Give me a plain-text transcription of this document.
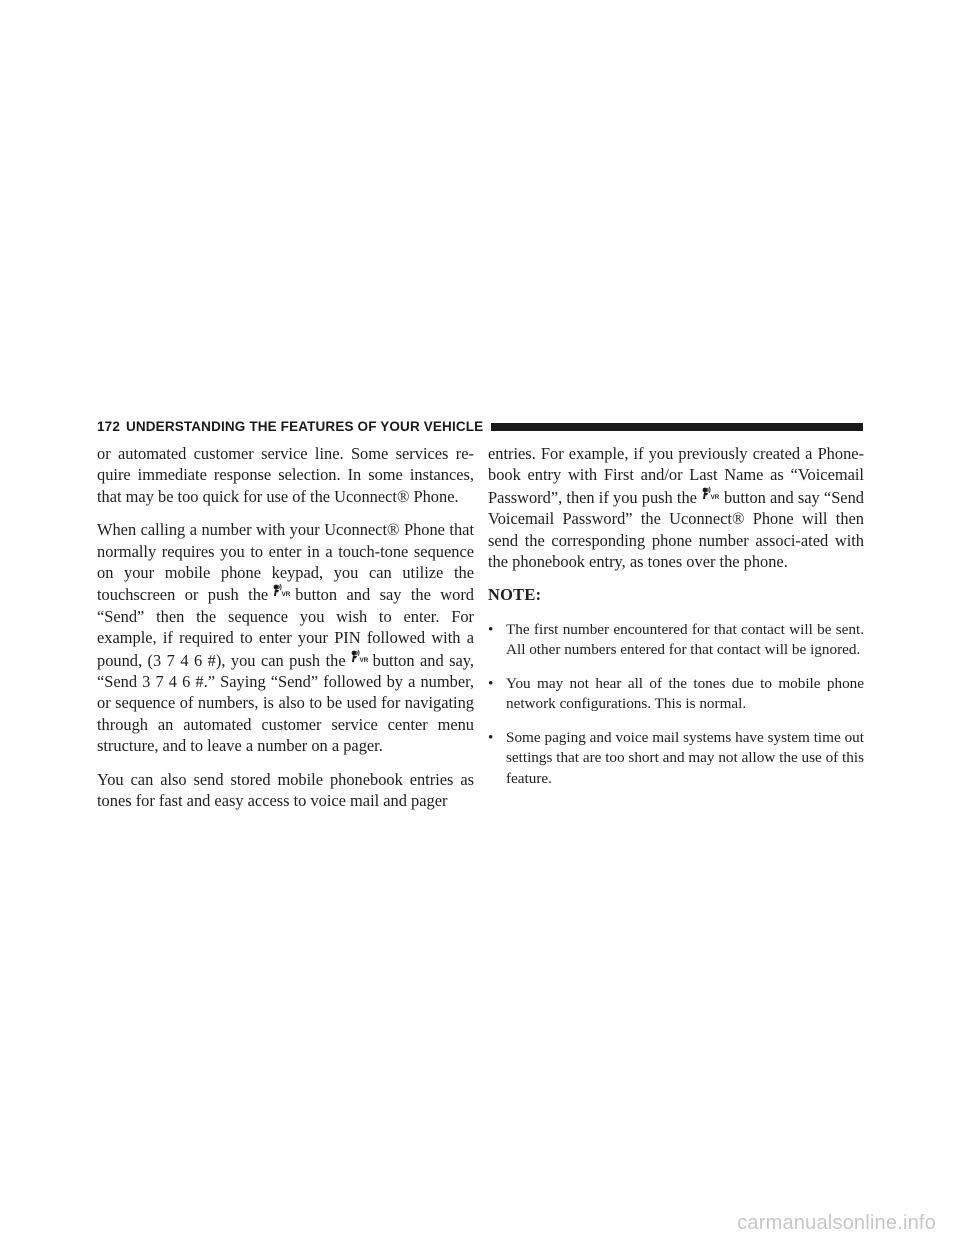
172 UNDERSTANDING THE FEATURES OF YOUR VEHICLE

or automated customer service line. Some services re-quire immediate response selection. In some instances, that may be too quick for use of the Uconnect® Phone.

When calling a number with your Uconnect® Phone that normally requires you to enter in a touch-tone sequence on your mobile phone keypad, you can utilize the touchscreen or push the button and say the word “Send” then the sequence you wish to enter. For example, if required to enter your PIN followed with a pound, (3 7 4 6 #), you can push the button and say, “Send 3 7 4 6 #.” Saying “Send” followed by a number, or sequence of numbers, is also to be used for navigating through an automated customer service center menu structure, and to leave a number on a pager.

You can also send stored mobile phonebook entries as tones for fast and easy access to voice mail and pager

entries. For example, if you previously created a Phone-book entry with First and/or Last Name as “Voicemail Password”, then if you push the button and say “Send Voicemail Password” the Uconnect® Phone will then send the corresponding phone number associ-ated with the phonebook entry, as tones over the phone.

NOTE:
• The first number encountered for that contact will be sent. All other numbers entered for that contact will be ignored.
• You may not hear all of the tones due to mobile phone network configurations. This is normal.
• Some paging and voice mail systems have system time out settings that are too short and may not allow the use of this feature.
carmanualsonline.info
